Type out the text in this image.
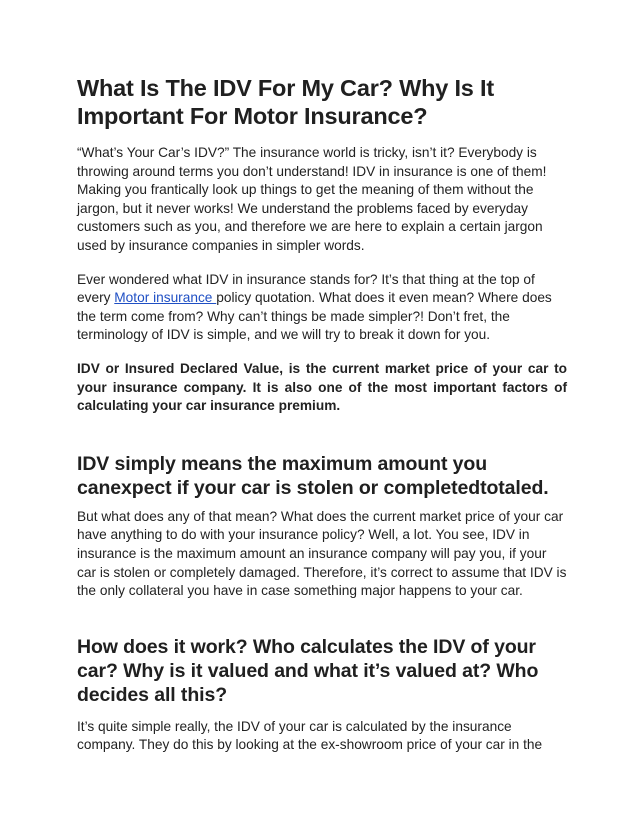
What Is The IDV For My Car? Why Is It Important For Motor Insurance?

“What’s Your Car’s IDV?” The insurance world is tricky, isn’t it? Everybody is throwing around terms you don’t understand! IDV in insurance is one of them! Making you frantically look up things to get the meaning of them without the jargon, but it never works! We understand the problems faced by everyday customers such as you, and therefore we are here to explain a certain jargon used by insurance companies in simpler words.

Ever wondered what IDV in insurance stands for? It’s that thing at the top of every Motor insurance policy quotation. What does it even mean? Where does the term come from? Why can’t things be made simpler?! Don’t fret, the terminology of IDV is simple, and we will try to break it down for you.

IDV or Insured Declared Value, is the current market price of your car to your insurance company. It is also one of the most important factors of calculating your car insurance premium.

IDV simply means the maximum amount you canexpect if your car is stolen or completedtotaled.

But what does any of that mean? What does the current market price of your car have anything to do with your insurance policy? Well, a lot. You see, IDV in insurance is the maximum amount an insurance company will pay you, if your car is stolen or completely damaged. Therefore, it’s correct to assume that IDV is the only collateral you have in case something major happens to your car.

How does it work? Who calculates the IDV of your car? Why is it valued and what it’s valued at? Who decides all this?

It’s quite simple really, the IDV of your car is calculated by the insurance company. They do this by looking at the ex-showroom price of your car in the
